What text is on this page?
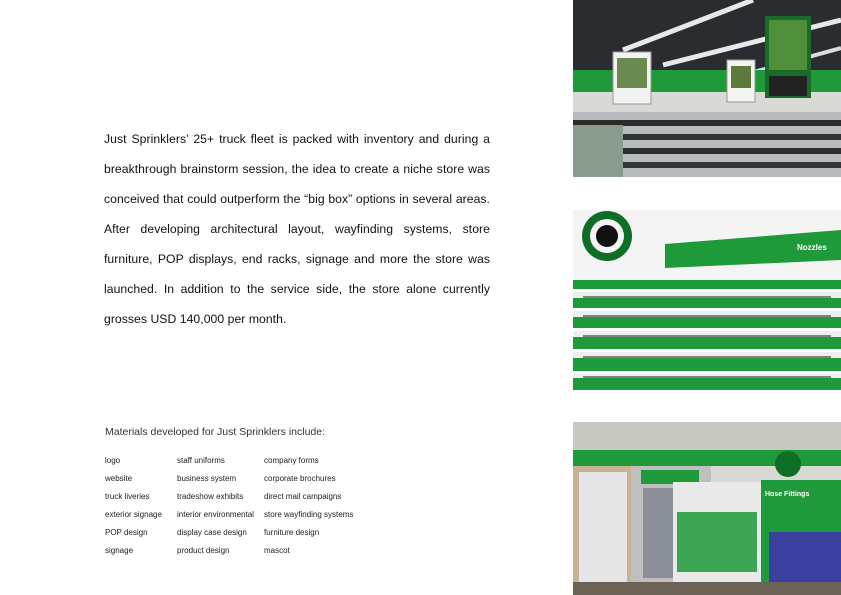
Just Sprinklers’ 25+ truck fleet is packed with inventory and during a breakthrough brainstorm session, the idea to create a niche store was conceived that could outperform the “big box” options in several areas. After developing architectural layout, wayfinding systems, store furniture, POP displays, end racks, signage and more the store was launched. In addition to the service side, the store alone currently grosses USD 140,000 per month.
Materials developed for Just Sprinklers include:
logo
website
truck liveries
exterior signage
POP design
signage
staff uniforms
business system
tradeshow exhibits
interior environmental
display case design
product design
company forms
corporate brochures
direct mail campaigns
store wayfinding systems
furniture design
mascot
Nozzles
Hose Fittings
